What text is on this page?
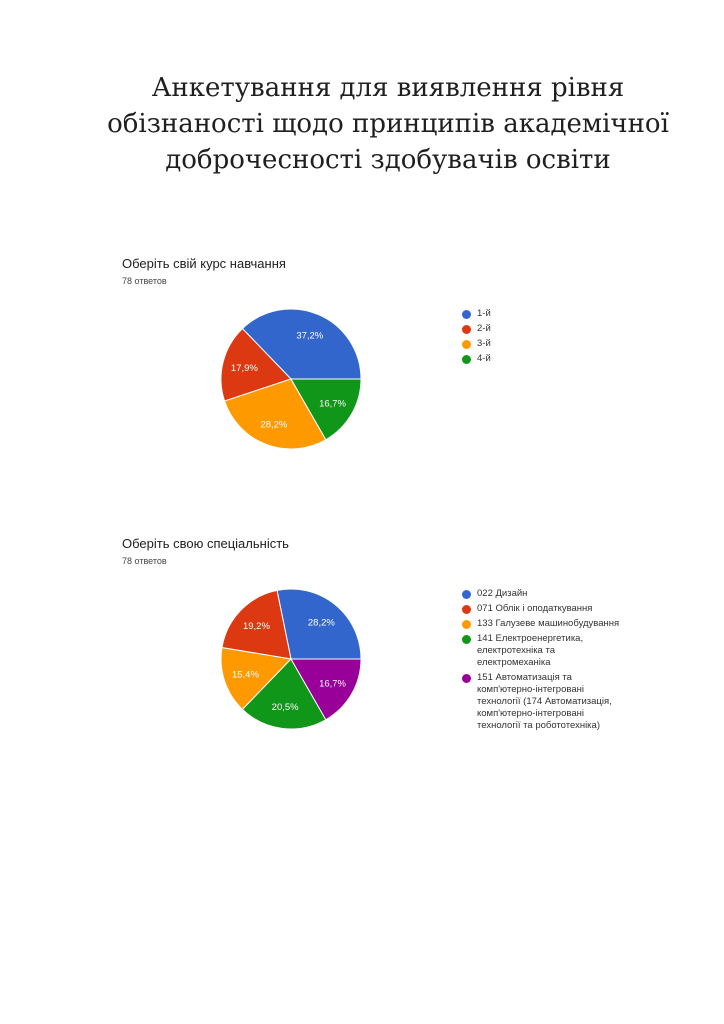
Анкетування для виявлення рівня
обізнаності щодо принципів академічної
доброчесності здобувачів освіти
Оберіть свій курс навчання
78 ответов
37,2%
17,9%
28,2%
16,7%
1-й
2-й
3-й
4-й
Оберіть свою спеціальність
78 ответов
28,2%
19,2%
15,4%
20,5%
16,7%
022 Дизайн
071 Облік і оподаткування
133 Галузеве машинобудування
141 Електроенергетика, електротехніка та електромеханіка
151 Автоматизація та комп'ютерно-інтегровані технології (174 Автоматизація, комп'ютерно-інтегровані технології та робототехніка)
